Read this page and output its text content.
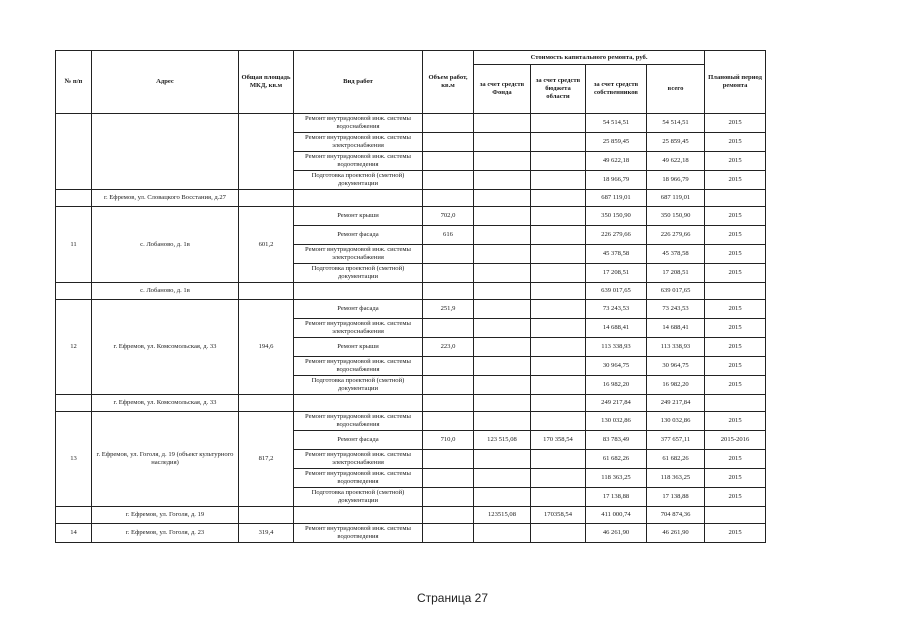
№ п/п	Адрес	Общая площадь МКД, кв.м	Вид работ	Объем работ, кв.м	Стоимость капитального ремонта, руб.				Плановый период ремонта
					за счет средств Фонда	за счет средств бюджета области	за счет средств собственников	всего	
			Ремонт внутридомовой инж. системы водоснабжения				54 514,51	54 514,51	2015
			Ремонт внутридомовой инж. системы электроснабжения				25 859,45	25 859,45	2015
			Ремонт внутридомовой инж. системы водоотведения				49 622,18	49 622,18	2015
			Подготовка проектной (сметной) документации				18 966,79	18 966,79	2015
	г. Ефремов, ул. Словацкого Восстания, д.27						687 119,01	687 119,01	
11	с. Лобаново, д. 1в	601,2	Ремонт крыши	702,0			350 150,90	350 150,90	2015
			Ремонт фасада	616			226 279,66	226 279,66	2015
			Ремонт внутридомовой инж. системы электроснабжения				45 378,58	45 378,58	2015
			Подготовка проектной (сметной) документации				17 208,51	17 208,51	2015
	с. Лобаново, д. 1в						639 017,65	639 017,65	
12	г. Ефремов, ул. Комсомольская, д. 33	194,6	Ремонт фасада	251,9			73 243,53	73 243,53	2015
			Ремонт внутридомовой инж. системы электроснабжения				14 688,41	14 688,41	2015
			Ремонт крыши	223,0			113 338,93	113 338,93	2015
			Ремонт внутридомовой инж. системы водоснабжения				30 964,75	30 964,75	2015
			Подготовка проектной (сметной) документации				16 982,20	16 982,20	2015
	г. Ефремов, ул. Комсомольская, д. 33						249 217,84	249 217,84	
13	г. Ефремов, ул. Гоголя, д. 19 (объект культурного наследия)	817,2	Ремонт внутридомовой инж. системы водоснабжения				130 032,86	130 032,86	2015
			Ремонт фасада	710,0	123 515,08	170 358,54	83 783,49	377 657,11	2015-2016
			Ремонт внутридомовой инж. системы электроснабжения				61 682,26	61 682,26	2015
			Ремонт внутридомовой инж. системы водоотведения				118 363,25	118 363,25	2015
			Подготовка проектной (сметной) документации				17 138,88	17 138,88	2015
	г. Ефремов, ул. Гоголя, д. 19				123515,08	170358,54	411 000,74	704 874,36	
14	г. Ефремов, ул. Гоголя, д. 23	319,4	Ремонт внутридомовой инж. системы водоотведения				46 261,90	46 261,90	2015
Страница 27
